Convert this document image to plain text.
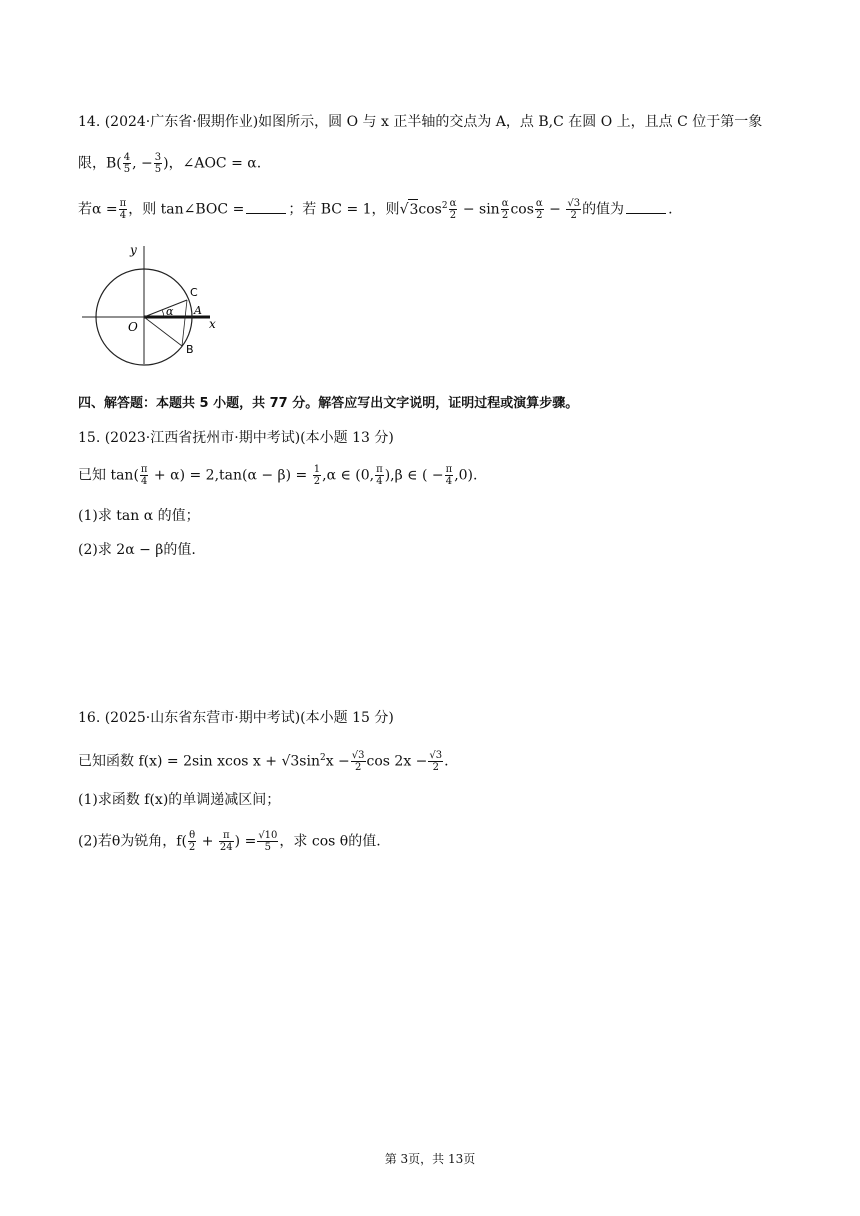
14. (2024·广东省·假期作业)如图所示，圆 O 与 x 正半轴的交点为 A，点 B,C 在圆 O 上，且点 C 位于第一象
限，$B( \frac{4}{5}$ , − $\frac{3}{5}$ )，∠AOC = α.
若$\alpha = \frac{\pi}{4}$ ，则 tan∠BOC =	；若 BC = 1，则$√3\cos^2 \frac{\alpha}{2} - \sin \frac{\alpha}{2}$ $\cos \frac{\alpha}{2} - \frac{√3}{2}$ 的值为	.
y
C
A
O	x
α
B
四、解答题：本题共 5 小题，共 77 分。解答应写出文字说明，证明过程或演算步骤。
15. (2023·江西省抚州市·期中考试)(本小题 13 分)
已知 $\tan( \frac{\pi}{4} + \alpha) = 2,\tan(\alpha - \beta) = \frac{1}{2} ,\alpha$ ∈ (0, $\frac{\pi}{4} ),\beta$ ∈ ( − $\frac{\pi}{4} ,0$).
(1)求 tan α 的值；
(2)求 2α − β的值.
16. (2025·山东省东营市·期中考试)(本小题 15 分)
已知函数 f(x) = 2sin xcos $x + √3\sin^2x - \frac{√3}{2}$ $\cos 2x - \frac{√3}{2}$ .
(1)求函数 f(x)的单调递减区间；
(2)若θ为锐角，$f( \frac{\theta}{2} + \frac{\pi}{24}$ ) = $\frac{√10}{5}$ ，求 cos θ的值.
第 3页，共 13页
